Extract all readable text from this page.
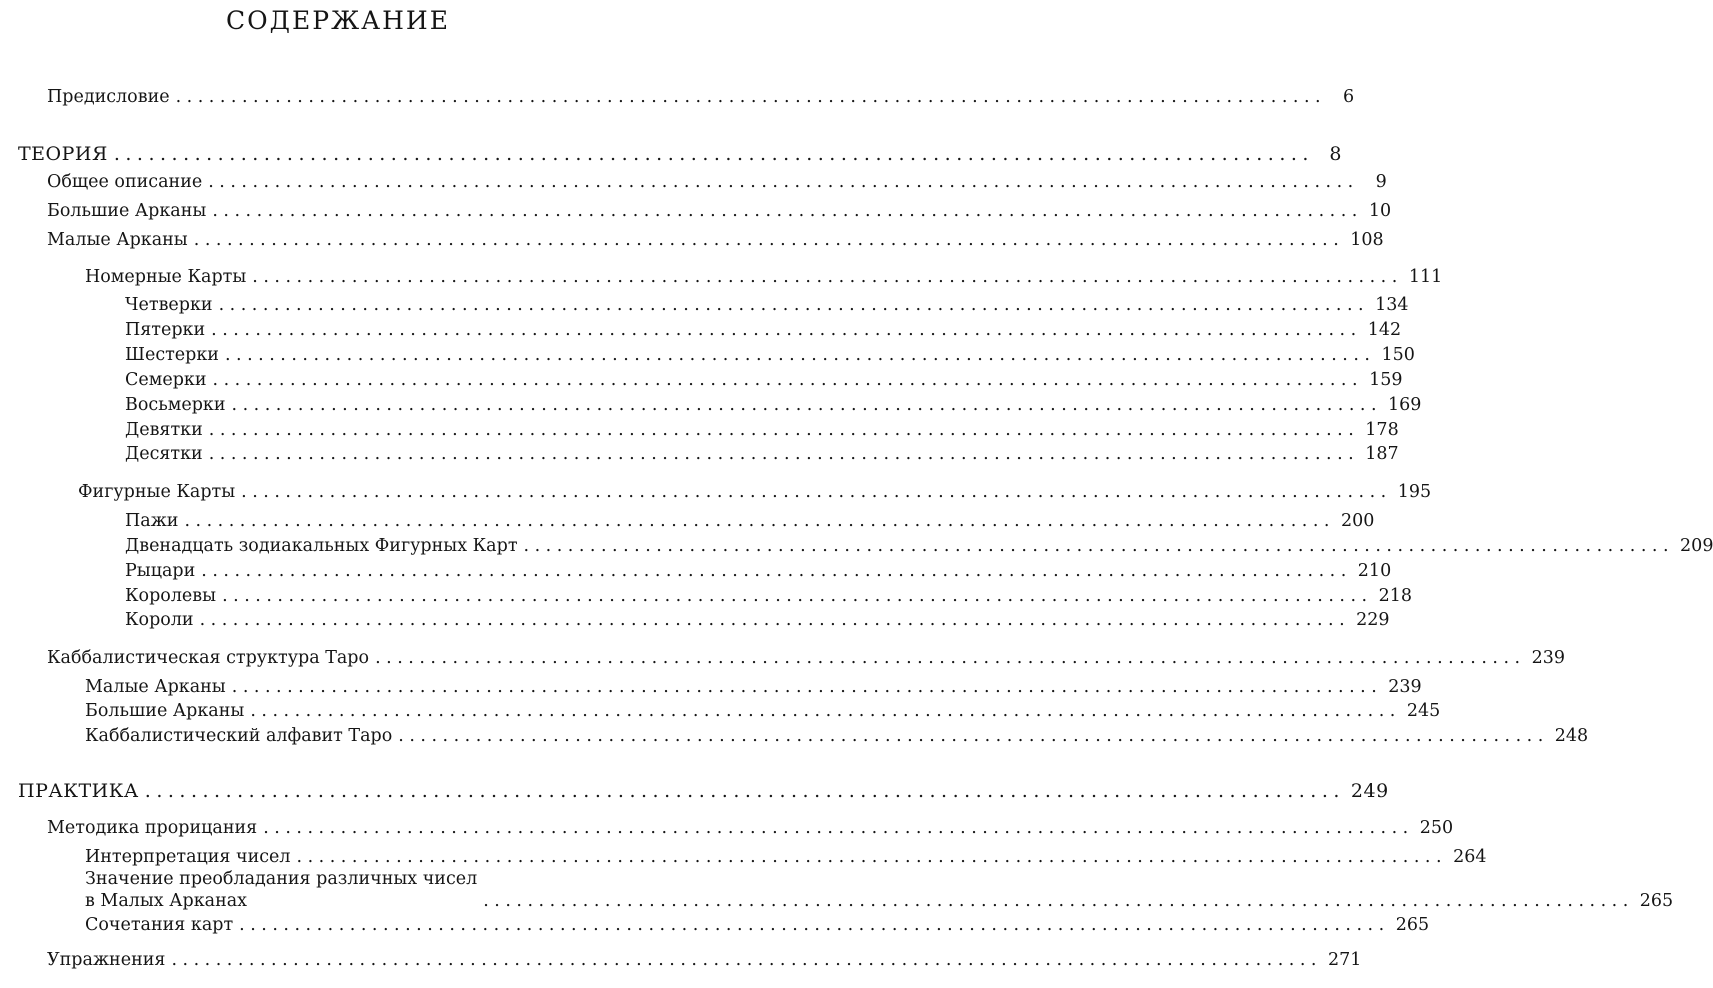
СОДЕРЖАНИЕ
Предисловие ........................................................................................................ 6
ТЕОРИЯ ........................................................................................................ 8
Общее описание ........................................................................................................ 9
Большие Арканы ........................................................................................................ 10
Малые Арканы ........................................................................................................ 108
Номерные Карты ........................................................................................................ 111
Четверки ........................................................................................................ 134
Пятерки ........................................................................................................ 142
Шестерки ........................................................................................................ 150
Семерки ........................................................................................................ 159
Восьмерки ........................................................................................................ 169
Девятки ........................................................................................................ 178
Десятки ........................................................................................................ 187
Фигурные Карты ........................................................................................................ 195
Пажи ........................................................................................................ 200
Двенадцать зодиакальных Фигурных Карт ........................................................................................................ 209
Рыцари ........................................................................................................ 210
Королевы ........................................................................................................ 218
Короли ........................................................................................................ 229
Каббалистическая структура Таро ........................................................................................................ 239
Малые Арканы ........................................................................................................ 239
Большие Арканы ........................................................................................................ 245
Каббалистический алфавит Таро ........................................................................................................ 248
ПРАКТИКА ........................................................................................................ 249
Методика прорицания ........................................................................................................ 250
Интерпретация чисел ........................................................................................................ 264
Значение преобладания различных чисел
в Малых Арканах	........................................................................................................ 265
Сочетания карт ........................................................................................................ 265
Упражнения ........................................................................................................ 271
